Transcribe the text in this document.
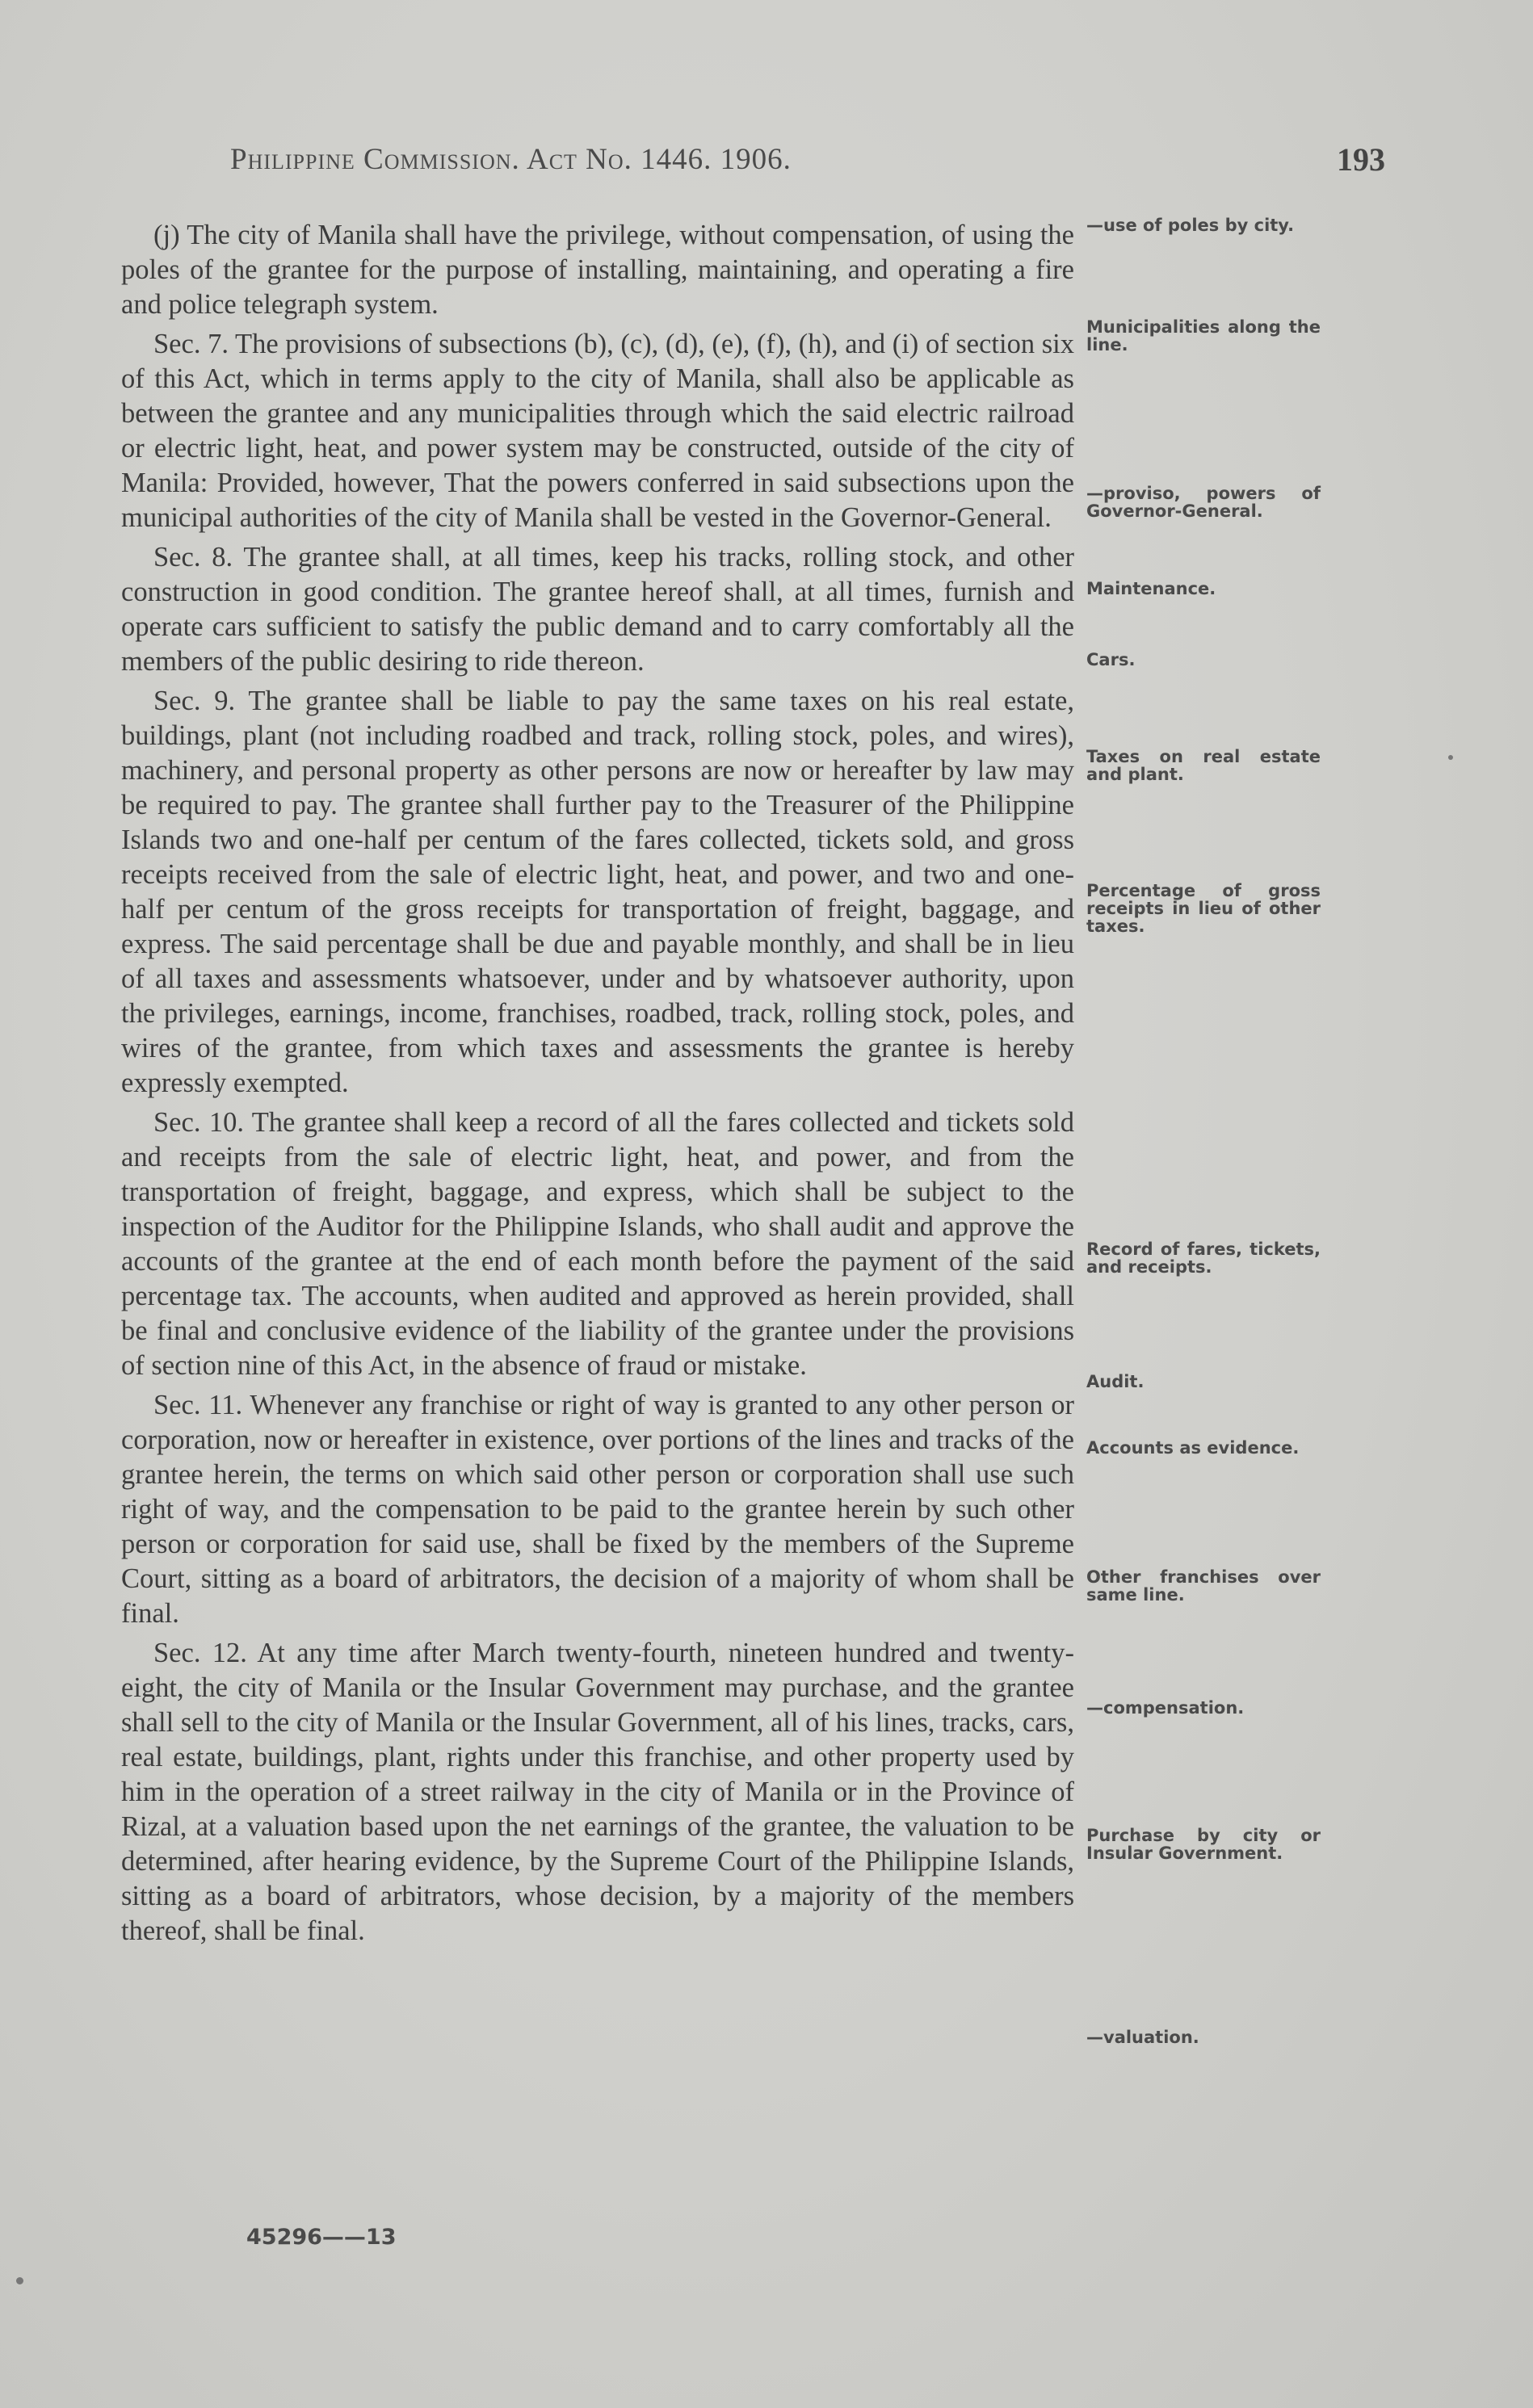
Philippine Commission. Act No. 1446. 1906.	193

(j) The city of Manila shall have the privilege, without compensation, of using the poles of the grantee for the purpose of installing, maintaining, and operating a fire and police telegraph system.

Sec. 7. The provisions of subsections (b), (c), (d), (e), (f), (h), and (i) of section six of this Act, which in terms apply to the city of Manila, shall also be applicable as between the grantee and any municipalities through which the said electric railroad or electric light, heat, and power system may be constructed, outside of the city of Manila: Provided, however, That the powers conferred in said subsections upon the municipal authorities of the city of Manila shall be vested in the Governor-General.

Sec. 8. The grantee shall, at all times, keep his tracks, rolling stock, and other construction in good condition. The grantee hereof shall, at all times, furnish and operate cars sufficient to satisfy the public demand and to carry comfortably all the members of the public desiring to ride thereon.

Sec. 9. The grantee shall be liable to pay the same taxes on his real estate, buildings, plant (not including roadbed and track, rolling stock, poles, and wires), machinery, and personal property as other persons are now or hereafter by law may be required to pay. The grantee shall further pay to the Treasurer of the Philippine Islands two and one-half per centum of the fares collected, tickets sold, and gross receipts received from the sale of electric light, heat, and power, and two and one-half per centum of the gross receipts for transportation of freight, baggage, and express. The said percentage shall be due and payable monthly, and shall be in lieu of all taxes and assessments whatsoever, under and by whatsoever authority, upon the privileges, earnings, income, franchises, roadbed, track, rolling stock, poles, and wires of the grantee, from which taxes and assessments the grantee is hereby expressly exempted.

Sec. 10. The grantee shall keep a record of all the fares collected and tickets sold and receipts from the sale of electric light, heat, and power, and from the transportation of freight, baggage, and express, which shall be subject to the inspection of the Auditor for the Philippine Islands, who shall audit and approve the accounts of the grantee at the end of each month before the payment of the said percentage tax. The accounts, when audited and approved as herein provided, shall be final and conclusive evidence of the liability of the grantee under the provisions of section nine of this Act, in the absence of fraud or mistake.

Sec. 11. Whenever any franchise or right of way is granted to any other person or corporation, now or hereafter in existence, over portions of the lines and tracks of the grantee herein, the terms on which said other person or corporation shall use such right of way, and the compensation to be paid to the grantee herein by such other person or corporation for said use, shall be fixed by the members of the Supreme Court, sitting as a board of arbitrators, the decision of a majority of whom shall be final.

Sec. 12. At any time after March twenty-fourth, nineteen hundred and twenty-eight, the city of Manila or the Insular Government may purchase, and the grantee shall sell to the city of Manila or the Insular Government, all of his lines, tracks, cars, real estate, buildings, plant, rights under this franchise, and other property used by him in the operation of a street railway in the city of Manila or in the Province of Rizal, at a valuation based upon the net earnings of the grantee, the valuation to be determined, after hearing evidence, by the Supreme Court of the Philippine Islands, sitting as a board of arbitrators, whose decision, by a majority of the members thereof, shall be final.

—use of poles by city.
Municipalities along the line.
—proviso, powers of Governor-General.
Maintenance.
Cars.
Taxes on real estate and plant.
Percentage of gross receipts in lieu of other taxes.
Record of fares, tickets, and receipts.
Audit.
Accounts as evidence.
Other franchises over same line.
—compensation.
Purchase by city or Insular Government.
—valuation.
45296——13
